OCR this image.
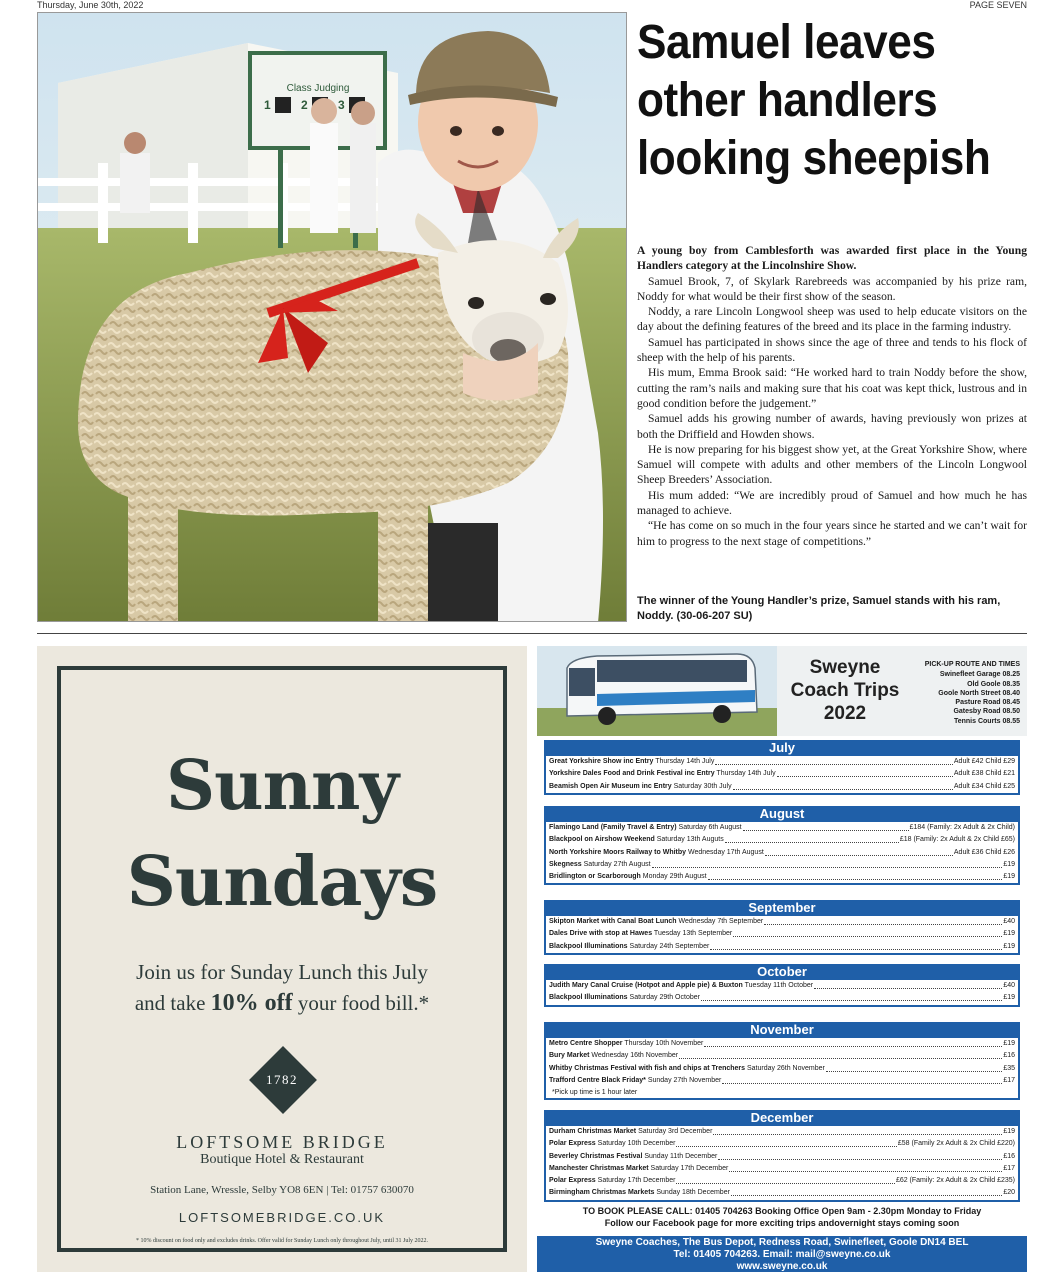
Thursday, June 30th, 2022	PAGE SEVEN
Class Judging
1	2	3
Samuel leaves
other handlers
looking sheepish

A young boy from Camblesforth was awarded first place in the Young Handlers category at the Lincolnshire Show.

Samuel Brook, 7, of Skylark Rarebreeds was accompanied by his prize ram, Noddy for what would be their first show of the season.

Noddy, a rare Lincoln Longwool sheep was used to help educate visitors on the day about the defining features of the breed and its place in the farming industry.

Samuel has participated in shows since the age of three and tends to his flock of sheep with the help of his parents.

His mum, Emma Brook said: “He worked hard to train Noddy before the show, cutting the ram’s nails and making sure that his coat was kept thick, lustrous and in good condition before the judgement.”

Samuel adds his growing number of awards, having previously won prizes at both the Driffield and Howden shows.

He is now preparing for his biggest show yet, at the Great Yorkshire Show, where Samuel will compete with adults and other members of the Lincoln Longwool Sheep Breeders’ Association.

His mum added: “We are incredibly proud of Samuel and how much he has managed to achieve.

“He has come on so much in the four years since he started and we can’t wait for him to progress to the next stage of competitions.”

The winner of the Young Handler’s prize, Samuel stands with his ram, Noddy. (30-06-207 SU)
Sunny
Sundays
Join us for Sunday Lunch this July
and take 10% off your food bill.*
1782
LOFTSOME BRIDGE
Boutique Hotel & Restaurant
Station Lane, Wressle, Selby YO8 6EN | Tel: 01757 630070
LOFTSOMEBRIDGE.CO.UK
* 10% discount on food only and excludes drinks. Offer valid for Sunday Lunch only throughout July, until 31 July 2022.
Sweyne
Coach Trips
2022
PICK-UP ROUTE AND TIMES
Swinefleet Garage 08.25
Old Goole 08.35
Goole North Street 08.40
Pasture Road 08.45
Gatesby Road 08.50
Tennis Courts 08.55
July
Great Yorkshire Show inc Entry Thursday 14th July	Adult £42 Child £29
Yorkshire Dales Food and Drink Festival inc Entry Thursday 14th July	Adult £38 Child £21
Beamish Open Air Museum inc Entry Saturday 30th July	Adult £34 Child £25
August
Flamingo Land (Family Travel & Entry) Saturday 6th August	£184 (Family: 2x Adult & 2x Child)
Blackpool on Airshow Weekend Saturday 13th Auguts	£18 (Family: 2x Adult & 2x Child £65)
North Yorkshire Moors Railway to Whitby Wednesday 17th August	Adult £36 Child £26
Skegness Saturday 27th August	£19
Bridlington or Scarborough Monday 29th August	£19
September
Skipton Market with Canal Boat Lunch Wednesday 7th September	£40
Dales Drive with stop at Hawes Tuesday 13th September	£19
Blackpool Illuminations Saturday 24th September	£19
October
Judith Mary Canal Cruise (Hotpot and Apple pie) & Buxton Tuesday 11th October	£40
Blackpool Illuminations Saturday 29th October	£19
November
Metro Centre Shopper Thursday 10th November	£19
Bury Market Wednesday 16th November	£16
Whitby Christmas Festival with fish and chips at Trenchers Saturday 26th November	£35
Trafford Centre Black Friday* Sunday 27th November	£17
*Pick up time is 1 hour later
December
Durham Christmas Market Saturday 3rd December	£19
Polar Express Saturday 10th December	£58 (Family 2x Adult & 2x Child £220)
Beverley Christmas Festival Sunday 11th December	£16
Manchester Christmas Market Saturday 17th December	£17
Polar Express Saturday 17th December	£62 (Family: 2x Adult & 2x Child £235)
Birmingham Christmas Markets Sunday 18th December	£20
TO BOOK PLEASE CALL: 01405 704263 Booking Office Open 9am - 2.30pm Monday to Friday
Follow our Facebook page for more exciting trips andovernight stays coming soon
Sweyne Coaches, The Bus Depot, Redness Road, Swinefleet, Goole DN14 BEL
Tel: 01405 704263. Email: mail@sweyne.co.uk
www.sweyne.co.uk
